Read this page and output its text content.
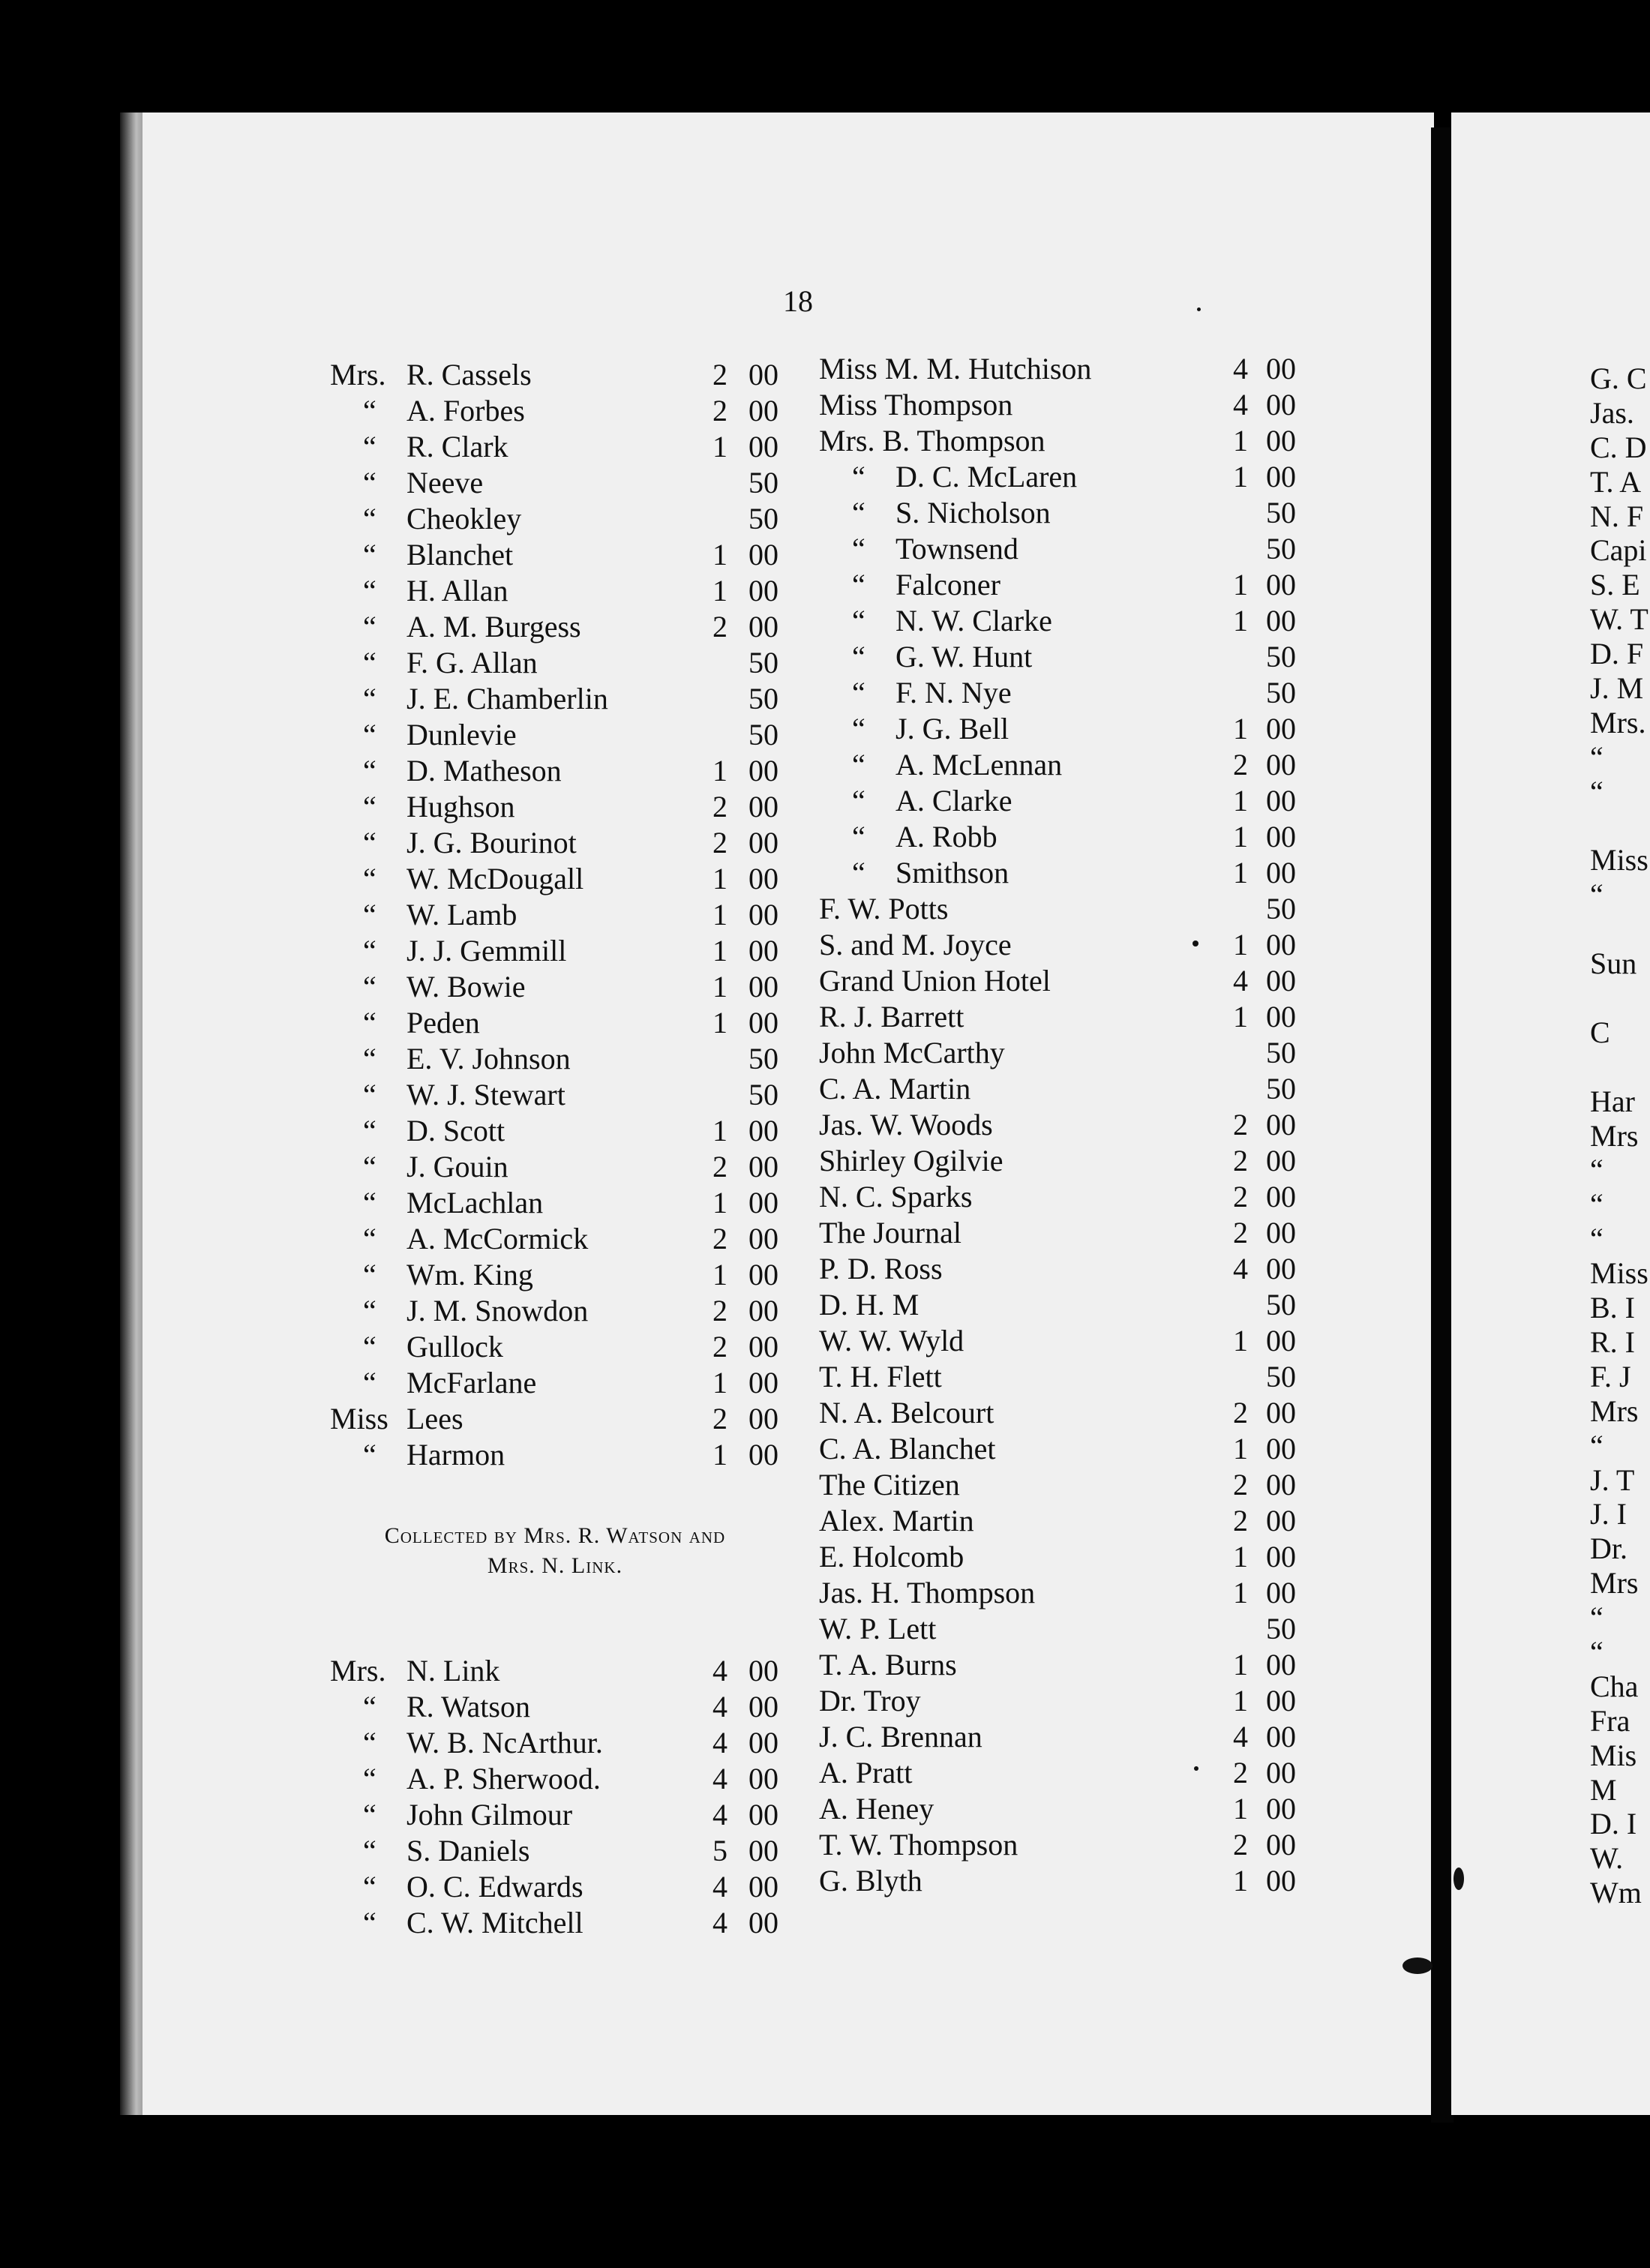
18
Mrs. R. Cassels	2 00
“ A. Forbes	2 00
“ R. Clark	1 00
“ Neeve	50
“ Cheokley	50
“ Blanchet	1 00
“ H. Allan	1 00
“ A. M. Burgess	2 00
“ F. G. Allan	50
“ J. E. Chamberlin	50
“ Dunlevie	50
“ D. Matheson	1 00
“ Hughson	2 00
“ J. G. Bourinot	2 00
“ W. McDougall	1 00
“ W. Lamb	1 00
“ J. J. Gemmill	1 00
“ W. Bowie	1 00
“ Peden	1 00
“ E. V. Johnson	50
“ W. J. Stewart	50
“ D. Scott	1 00
“ J. Gouin	2 00
“ McLachlan	1 00
“ A. McCormick	2 00
“ Wm. King	1 00
“ J. M. Snowdon	2 00
“ Gullock	2 00
“ McFarlane	1 00
Miss Lees	2 00
“ Harmon	1 00
Collected by Mrs. R. Watson and
Mrs. N. Link.
Mrs. N. Link	4 00
“ R. Watson	4 00
“ W. B. NcArthur.	4 00
“ A. P. Sherwood.	4 00
“ John Gilmour	4 00
“ S. Daniels	5 00
“ O. C. Edwards	4 00
“ C. W. Mitchell	4 00
Miss M. M. Hutchison	4 00
Miss Thompson	4 00
Mrs. B. Thompson	1 00
“ D. C. McLaren	1 00
“ S. Nicholson	50
“ Townsend	50
“ Falconer	1 00
“ N. W. Clarke	1 00
“ G. W. Hunt	50
“ F. N. Nye	50
“ J. G. Bell	1 00
“ A. McLennan	2 00
“ A. Clarke	1 00
“ A. Robb	1 00
“ Smithson	1 00
F. W. Potts	50
S. and M. Joyce	1 00
Grand Union Hotel	4 00
R. J. Barrett	1 00
John McCarthy	50
C. A. Martin	50
Jas. W. Woods	2 00
Shirley Ogilvie	2 00
N. C. Sparks	2 00
The Journal	2 00
P. D. Ross	4 00
D. H. M	50
W. W. Wyld	1 00
T. H. Flett	50
N. A. Belcourt	2 00
C. A. Blanchet	1 00
The Citizen	2 00
Alex. Martin	2 00
E. Holcomb	1 00
Jas. H. Thompson	1 00
W. P. Lett	50
T. A. Burns	1 00
Dr. Troy	1 00
J. C. Brennan	4 00
A. Pratt	2 00
A. Heney	1 00
T. W. Thompson	2 00
G. Blyth	1 00
G. C
Jas.
C. D
T. A
N. F
Capi
S. E
W. T
D. F
J. M
Mrs.
“
“
Miss
“
Sun
C
Har
Mrs
“
“
“
Miss
B. I
R. I
F. J
Mrs
“
J. T
J. I
Dr.
Mrs
“
“
Cha
Fra
Mis
M
D. I
W.
Wm
